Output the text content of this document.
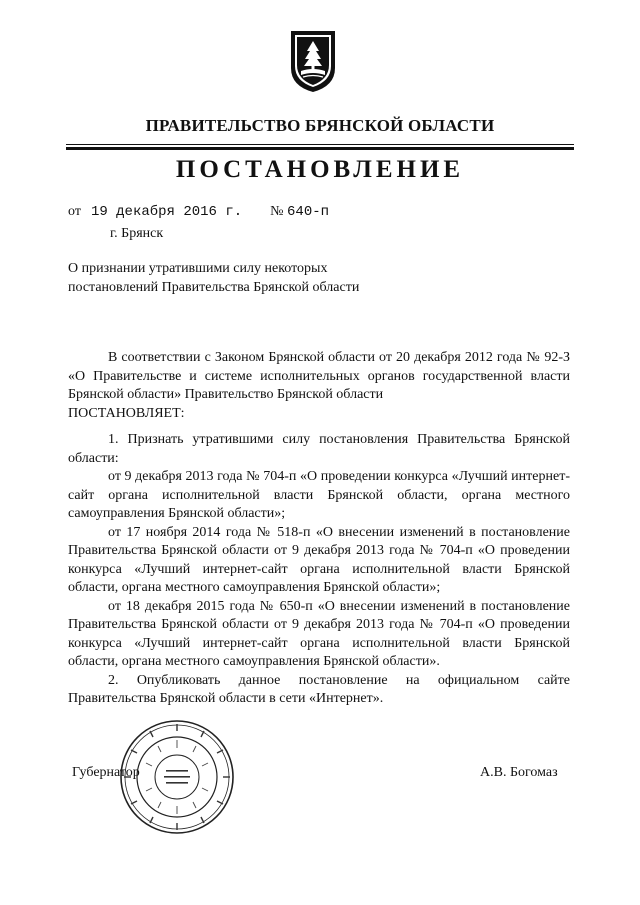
ПРАВИТЕЛЬСТВО БРЯНСКОЙ ОБЛАСТИ
ПОСТАНОВЛЕНИЕ
от 19 декабря 2016 г. № 640-п
г. Брянск
О признании утратившими силу некоторых постановлений Правительства Брянской области

В соответствии с Законом Брянской области от 20 декабря 2012 года № 92-З «О Правительстве и системе исполнительных органов государственной власти Брянской области» Правительство Брянской области

ПОСТАНОВЛЯЕТ:

1. Признать утратившими силу постановления Правительства Брянской области:

от 9 декабря 2013 года № 704-п «О проведении конкурса «Лучший интернет-сайт органа исполнительной власти Брянской области, органа местного самоуправления Брянской области»;

от 17 ноября 2014 года № 518-п «О внесении изменений в постановление Правительства Брянской области от 9 декабря 2013 года № 704-п «О проведении конкурса «Лучший интернет-сайт органа исполнительной власти Брянской области, органа местного самоуправления Брянской области»;

от 18 декабря 2015 года № 650-п «О внесении изменений в постановление Правительства Брянской области от 9 декабря 2013 года № 704-п «О проведении конкурса «Лучший интернет-сайт органа исполнительной власти Брянской области, органа местного самоуправления Брянской области».

2. Опубликовать данное постановление на официальном сайте Правительства Брянской области в сети «Интернет».

Губернатор	А.В. Богомаз
